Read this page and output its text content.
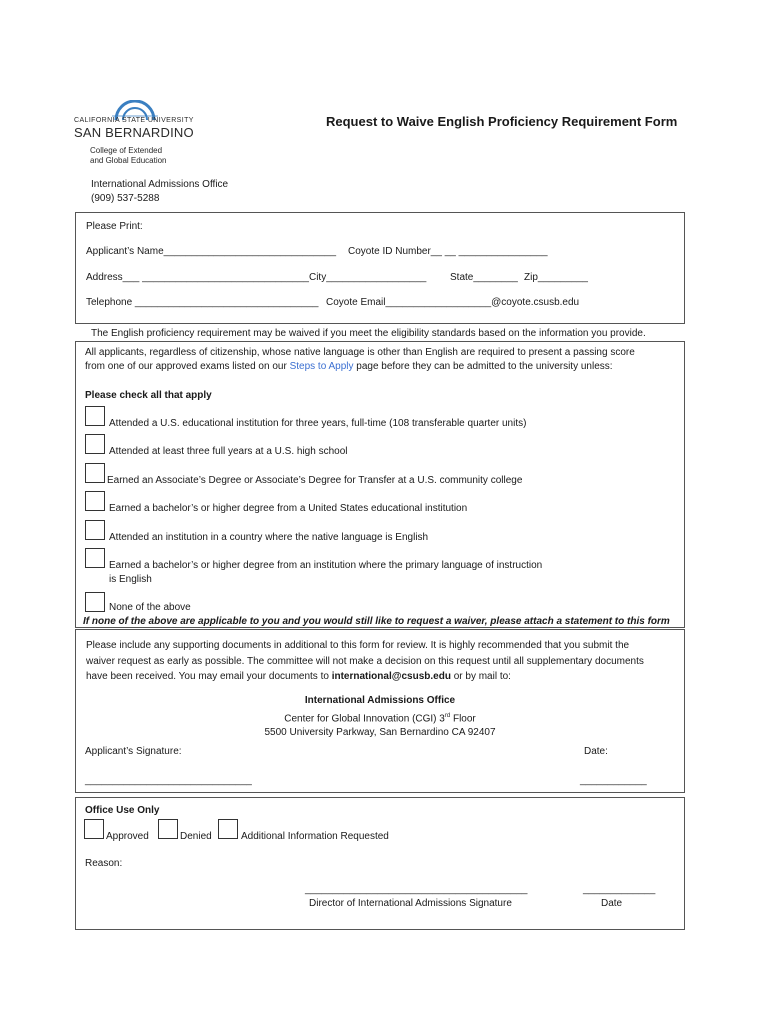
CALIFORNIA STATE UNIVERSITY
SAN BERNARDINO
College of Extended
and Global Education
Request to Waive English Proficiency Requirement Form
International Admissions Office
(909) 537-5288
Please Print:
Applicant’s Name_______________________________ Coyote ID Number__ __ ________________
Address___ ______________________________City__________________ State________ Zip_________
Telephone _________________________________ Coyote Email___________________@coyote.csusb.edu
The English proficiency requirement may be waived if you meet the eligibility standards based on the information you provide.
All applicants, regardless of citizenship, whose native language is other than English are required to present a passing score
from one of our approved exams listed on our Steps to Apply page before they can be admitted to the university unless:
Please check all that apply
Attended a U.S. educational institution for three years, full-time (108 transferable quarter units)
Attended at least three full years at a U.S. high school
Earned an Associate’s Degree or Associate’s Degree for Transfer at a U.S. community college
Earned a bachelor’s or higher degree from a United States educational institution
Attended an institution in a country where the native language is English
Earned a bachelor’s or higher degree from an institution where the primary language of instruction
is English
None of the above
If none of the above are applicable to you and you would still like to request a waiver, please attach a statement to this form
Please include any supporting documents in additional to this form for review. It is highly recommended that you submit the
waiver request as early as possible. The committee will not make a decision on this request until all supplementary documents
have been received. You may email your documents to international@csusb.edu or by mail to:
International Admissions Office
Center for Global Innovation (CGI) 3rd Floor
5500 University Parkway, San Bernardino CA 92407
Applicant’s Signature:	Date:
______________________________	____________
Office Use Only
Approved	Denied	Additional Information Requested
Reason:
________________________________________
Director of International Admissions Signature
_____________
Date
